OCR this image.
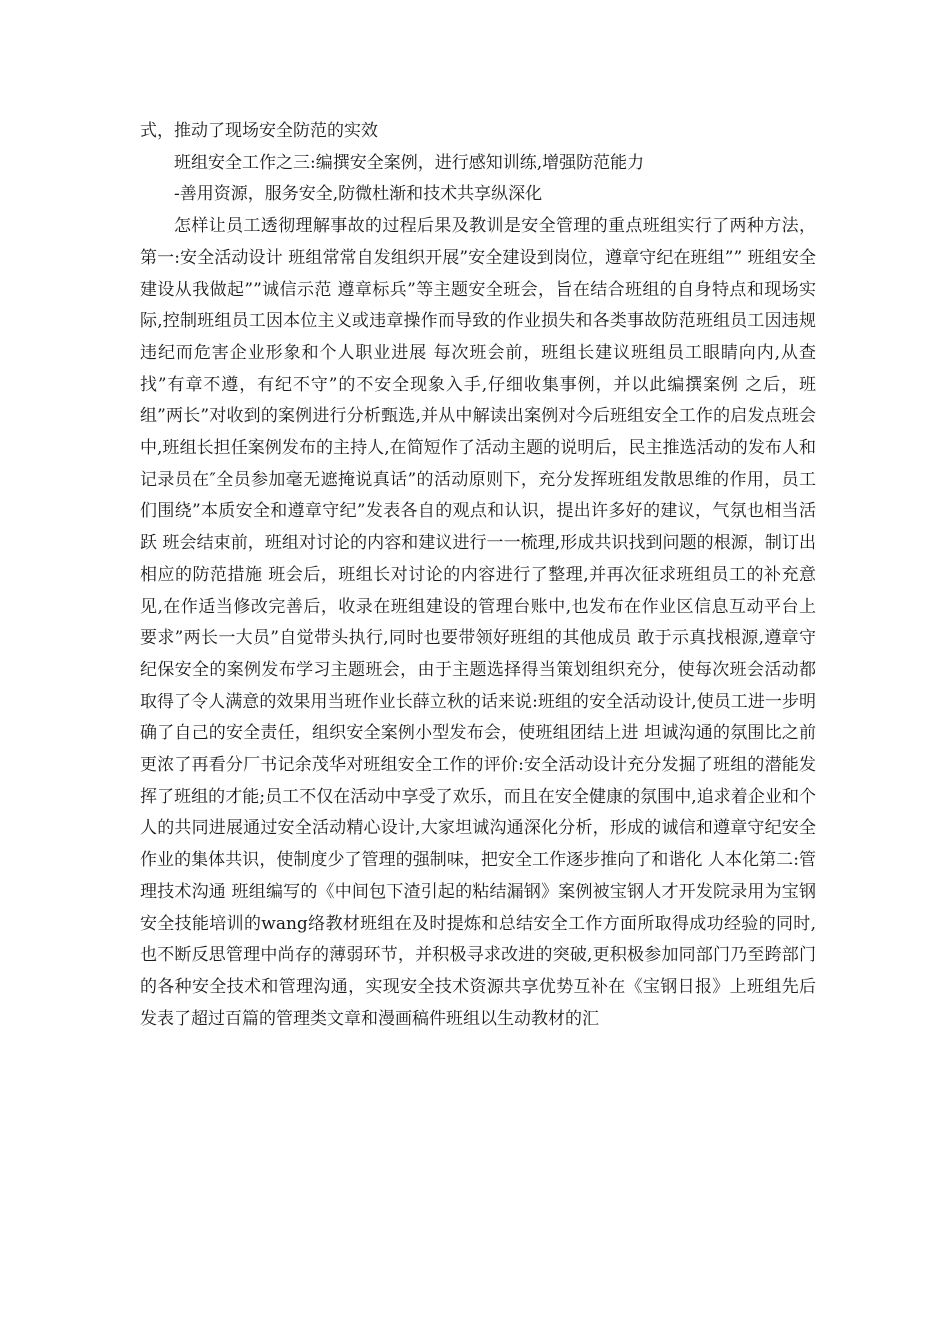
式，推动了现场安全防范的实效

班组安全工作之三:编撰安全案例，进行感知训练,增强防范能力

-善用资源，服务安全,防微杜渐和技术共享纵深化

怎样让员工透彻理解事故的过程后果及教训是安全管理的重点班组实行了两种方法，第一:安全活动设计 班组常常自发组织开展”安全建设到岗位，遵章守纪在班组”” 班组安全建设从我做起””诚信示范 遵章标兵”等主题安全班会，旨在结合班组的自身特点和现场实际,控制班组员工因本位主义或违章操作而导致的作业损失和各类事故防范班组员工因违规违纪而危害企业形象和个人职业进展 每次班会前，班组长建议班组员工眼睛向内,从查找”有章不遵，有纪不守”的不安全现象入手,仔细收集事例，并以此编撰案例 之后，班组”两长”对收到的案例进行分析甄选,并从中解读出案例对今后班组安全工作的启发点班会中,班组长担任案例发布的主持人,在简短作了活动主题的说明后，民主推选活动的发布人和记录员在″全员参加毫无遮掩说真话”的活动原则下，充分发挥班组发散思维的作用，员工们围绕”本质安全和遵章守纪”发表各自的观点和认识，提出许多好的建议，气氛也相当活跃 班会结束前，班组对讨论的内容和建议进行一一梳理,形成共识找到问题的根源，制订出相应的防范措施 班会后，班组长对讨论的内容进行了整理,并再次征求班组员工的补充意见,在作适当修改完善后，收录在班组建设的管理台账中,也发布在作业区信息互动平台上 要求”两长一大员”自觉带头执行,同时也要带领好班组的其他成员 敢于示真找根源,遵章守纪保安全的案例发布学习主题班会，由于主题选择得当策划组织充分，使每次班会活动都取得了令人满意的效果用当班作业长薛立秋的话来说:班组的安全活动设计,使员工进一步明确了自己的安全责任，组织安全案例小型发布会，使班组团结上进 坦诚沟通的氛围比之前更浓了再看分厂书记余茂华对班组安全工作的评价:安全活动设计充分发掘了班组的潜能发挥了班组的才能;员工不仅在活动中享受了欢乐，而且在安全健康的氛围中,追求着企业和个人的共同进展通过安全活动精心设计,大家坦诚沟通深化分析，形成的诚信和遵章守纪安全作业的集体共识，使制度少了管理的强制味，把安全工作逐步推向了和谐化 人本化第二:管理技术沟通 班组编写的《中间包下渣引起的粘结漏钢》案例被宝钢人才开发院录用为宝钢安全技能培训的wang络教材班组在及时提炼和总结安全工作方面所取得成功经验的同时,也不断反思管理中尚存的薄弱环节，并积极寻求改进的突破,更积极参加同部门乃至跨部门的各种安全技术和管理沟通，实现安全技术资源共享优势互补在《宝钢日报》上班组先后发表了超过百篇的管理类文章和漫画稿件班组以生动教材的汇
